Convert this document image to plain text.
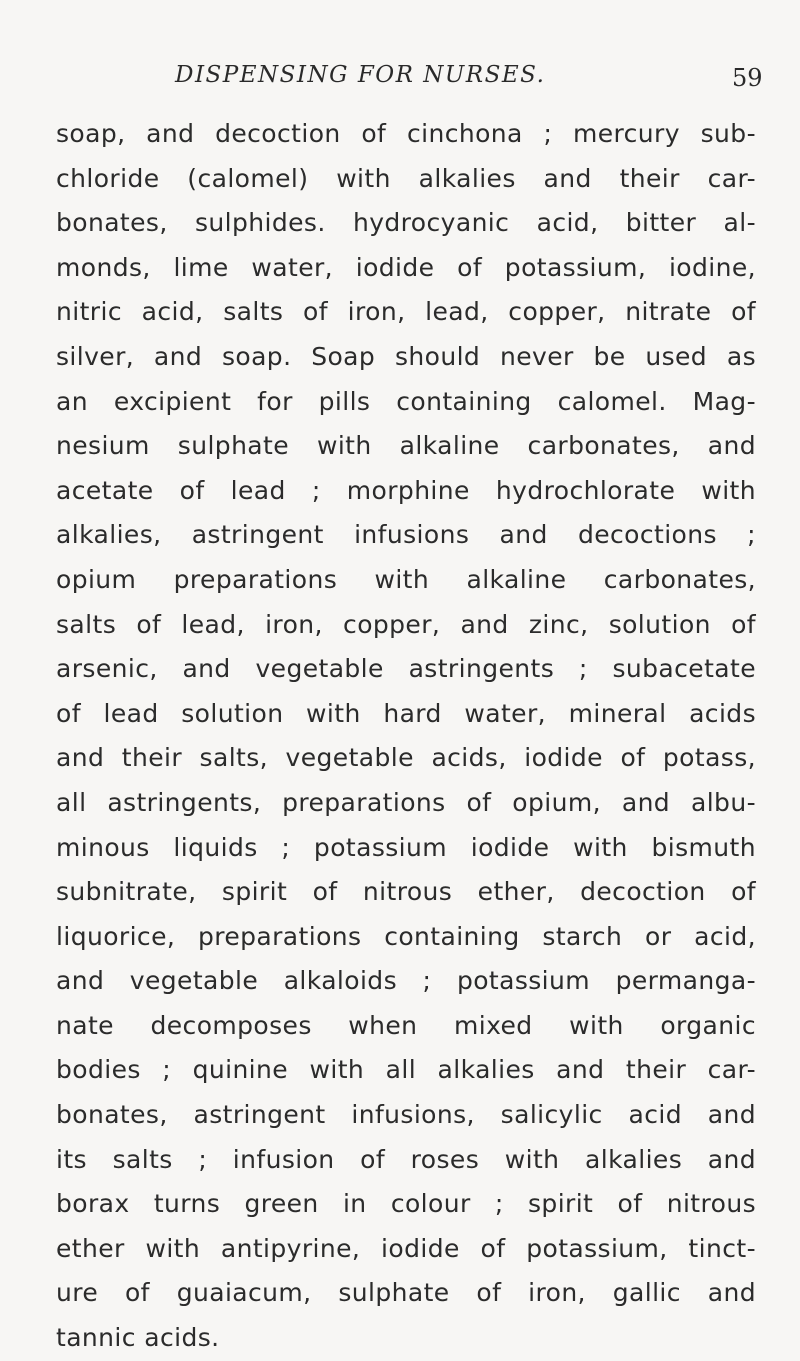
DISPENSING FOR NURSES.	59
soap, and decoction of cinchona ; mercury sub-
chloride (calomel) with alkalies and their car-
bonates, sulphides. hydrocyanic acid, bitter al-
monds, lime water, iodide of potassium, iodine,
nitric acid, salts of iron, lead, copper, nitrate of
silver, and soap. Soap should never be used as
an excipient for pills containing calomel. Mag-
nesium sulphate with alkaline carbonates, and
acetate of lead ; morphine hydrochlorate with
alkalies, astringent infusions and decoctions ;
opium preparations with alkaline carbonates,
salts of lead, iron, copper, and zinc, solution of
arsenic, and vegetable astringents ; subacetate
of lead solution with hard water, mineral acids
and their salts, vegetable acids, iodide of potass,
all astringents, preparations of opium, and albu-
minous liquids ; potassium iodide with bismuth
subnitrate, spirit of nitrous ether, decoction of
liquorice, preparations containing starch or acid,
and vegetable alkaloids ; potassium permanga-
nate decomposes when mixed with organic
bodies ; quinine with all alkalies and their car-
bonates, astringent infusions, salicylic acid and
its salts ; infusion of roses with alkalies and
borax turns green in colour ; spirit of nitrous
ether with antipyrine, iodide of potassium, tinct-
ure of guaiacum, sulphate of iron, gallic and
tannic acids.
